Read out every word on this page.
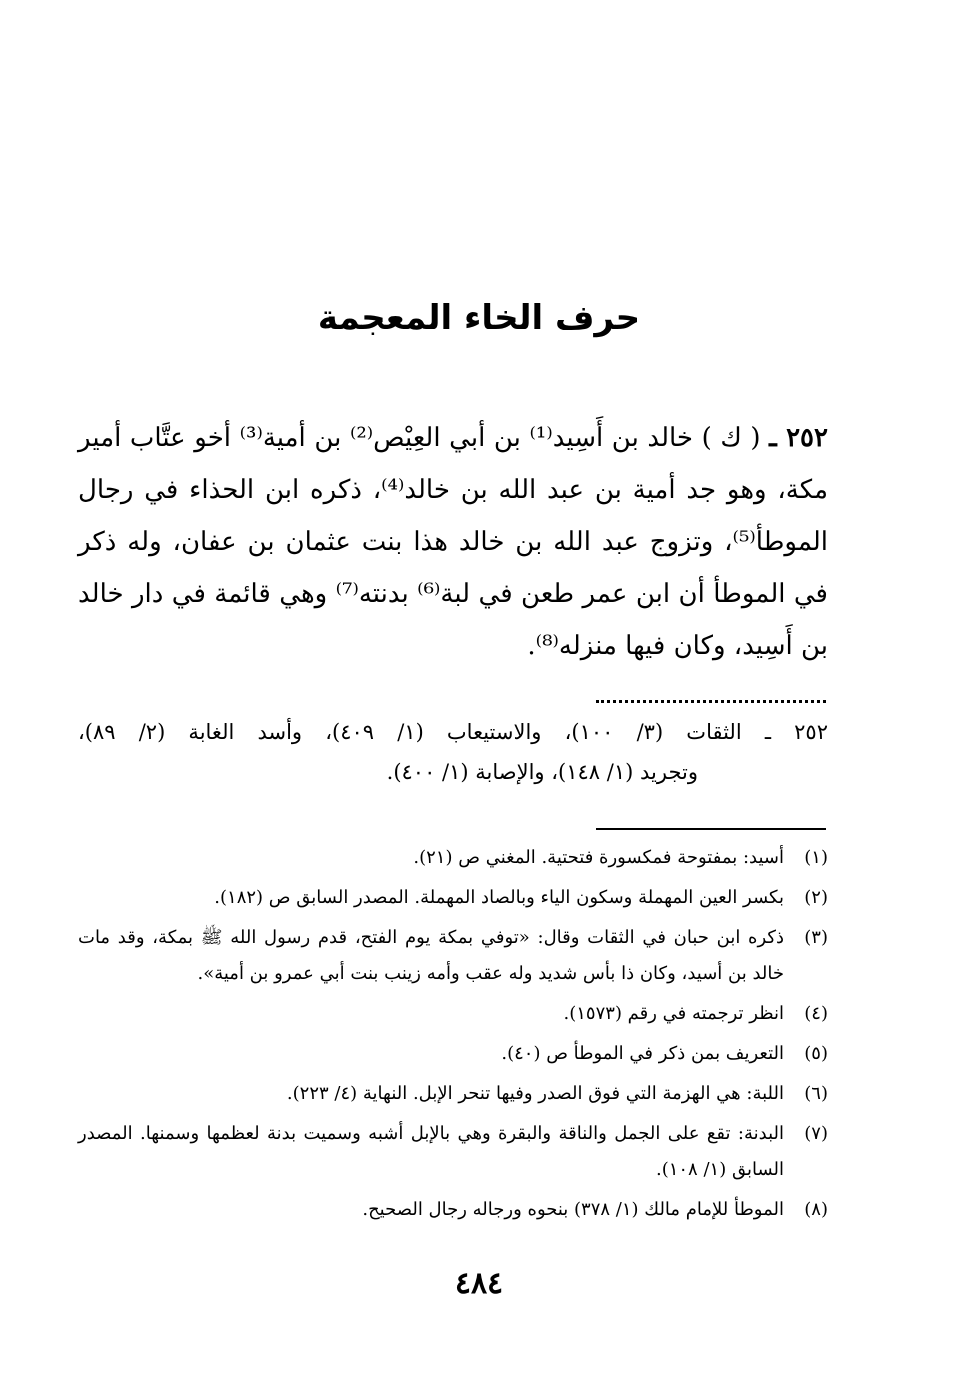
حرف الخاء المعجمة

٢٥٢ ـ ( ك ) خالد بن أَسِيد⁽¹⁾ بن أبي العِيْص⁽²⁾ بن أمية⁽³⁾ أخو عتَّاب أمير مكة، وهو جد أمية بن عبد الله بن خالد⁽⁴⁾، ذكره ابن الحذاء في رجال الموطأ⁽⁵⁾، وتزوج عبد الله بن خالد هذا بنت عثمان بن عفان، وله ذكر في الموطأ أن ابن عمر طعن في لبة⁽⁶⁾ بدنته⁽⁷⁾ وهي قائمة في دار خالد بن أَسِيد، وكان فيها منزله⁽⁸⁾.

٢٥٢ ـ الثقات (٣/ ١٠٠)، والاستيعاب (١/ ٤٠٩)، وأسد الغابة (٢/ ٨٩)،
وتجريد (١/ ١٤٨)، والإصابة (١/ ٤٠٠).

(١)
أسيد: بمفتوحة فمكسورة فتحتية. المغني ص (٢١).
(٢)
بكسر العين المهملة وسكون الياء وبالصاد المهملة. المصدر السابق ص (١٨٢).
(٣)
ذكره ابن حبان في الثقات وقال: «توفي بمكة يوم الفتح، قدم رسول الله ﷺ بمكة، وقد مات خالد بن أسيد، وكان ذا بأس شديد وله عقب وأمه زينب بنت أبي عمرو بن أمية».
(٤)
انظر ترجمته في رقم (١٥٧٣).
(٥)
التعريف بمن ذكر في الموطأ ص (٤٠).
(٦)
اللبة: هي الهزمة التي فوق الصدر وفيها تنحر الإبل. النهاية (٤/ ٢٢٣).
(٧)
البدنة: تقع على الجمل والناقة والبقرة وهي بالإبل أشبه وسميت بدنة لعظمها وسمنها. المصدر السابق (١/ ١٠٨).
(٨)
الموطأ للإمام مالك (١/ ٣٧٨) بنحوه ورجاله رجال الصحيح.
٤٨٤
